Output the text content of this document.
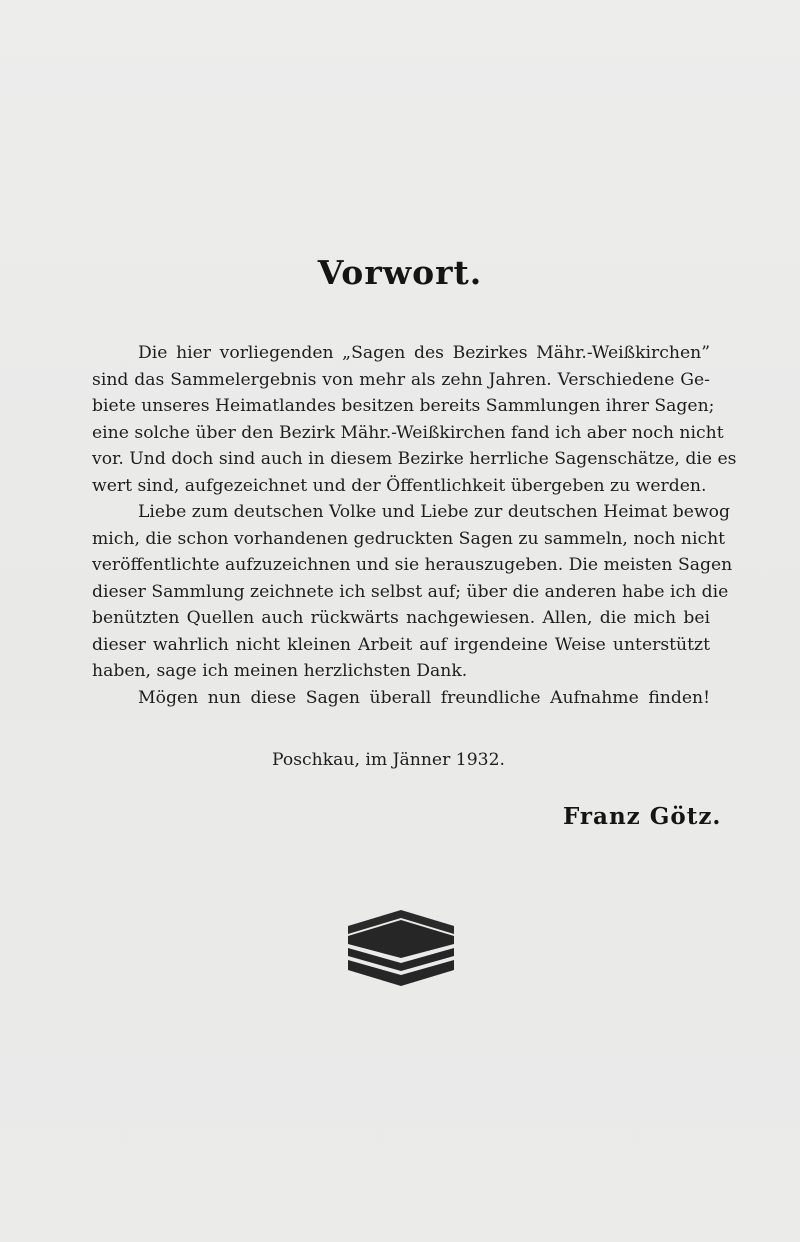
Vorwort.
Die hier vorliegenden „Sagen des Bezirkes Mähr.-Weißkirchen”
sind das Sammelergebnis von mehr als zehn Jahren. Verschiedene Ge-
biete unseres Heimatlandes besitzen bereits Sammlungen ihrer Sagen;
eine solche über den Bezirk Mähr.-Weißkirchen fand ich aber noch nicht
vor. Und doch sind auch in diesem Bezirke herrliche Sagenschätze, die es
wert sind, aufgezeichnet und der Öffentlichkeit übergeben zu werden.
Liebe zum deutschen Volke und Liebe zur deutschen Heimat bewog
mich, die schon vorhandenen gedruckten Sagen zu sammeln, noch nicht
veröffentlichte aufzuzeichnen und sie herauszugeben. Die meisten Sagen
dieser Sammlung zeichnete ich selbst auf; über die anderen habe ich die
benützten Quellen auch rückwärts nachgewiesen. Allen, die mich bei
dieser wahrlich nicht kleinen Arbeit auf irgendeine Weise unterstützt
haben, sage ich meinen herzlichsten Dank.
Mögen nun diese Sagen überall freundliche Aufnahme finden!
Poschkau, im Jänner 1932.
Franz Götz.
